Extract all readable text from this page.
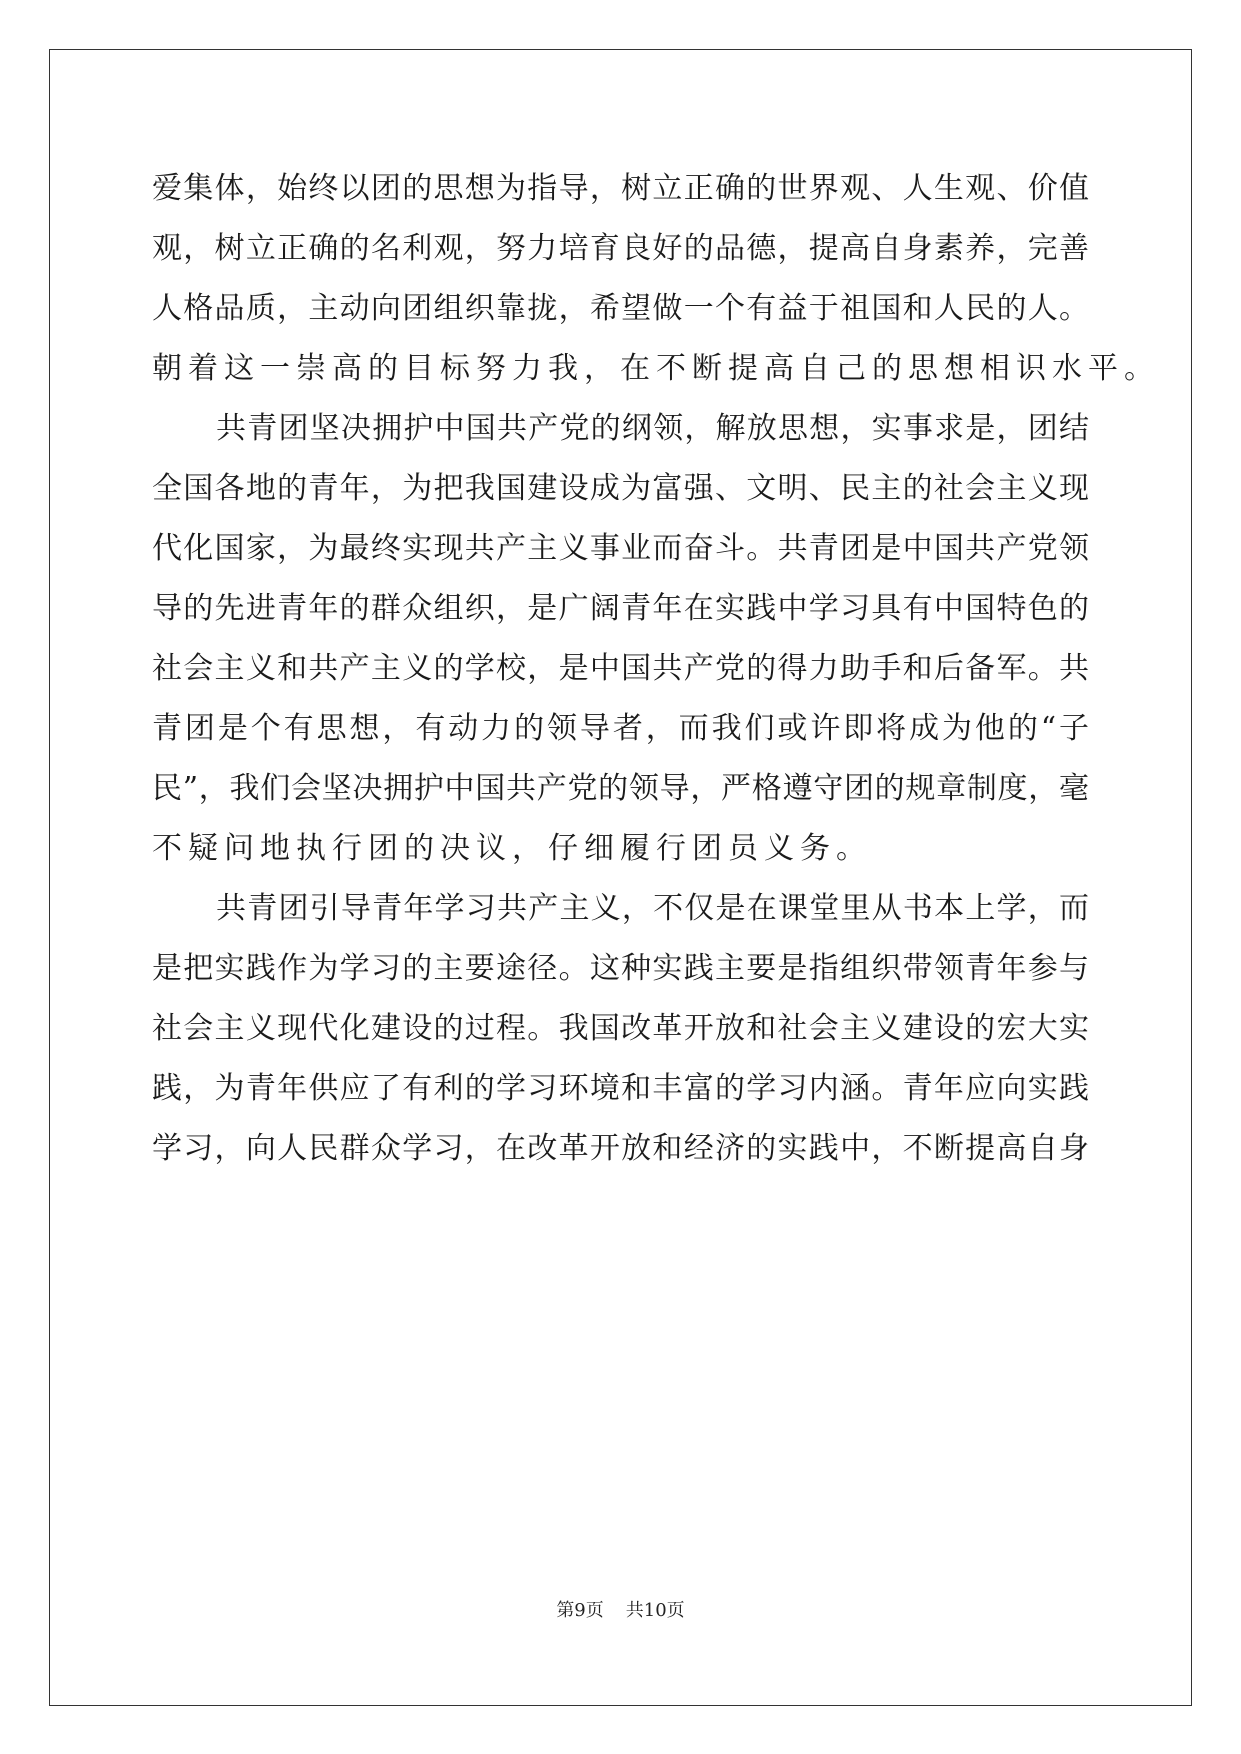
爱集体，始终以团的思想为指导，树立正确的世界观、人生观、价值
观，树立正确的名利观，努力培育良好的品德，提高自身素养，完善
人格品质，主动向团组织靠拢，希望做一个有益于祖国和人民的人。
朝着这一崇高的目标努力我，在不断提高自己的思想相识水平。
共青团坚决拥护中国共产党的纲领，解放思想，实事求是，团结
全国各地的青年，为把我国建设成为富强、文明、民主的社会主义现
代化国家，为最终实现共产主义事业而奋斗。共青团是中国共产党领
导的先进青年的群众组织，是广阔青年在实践中学习具有中国特色的
社会主义和共产主义的学校，是中国共产党的得力助手和后备军。共
青团是个有思想，有动力的领导者，而我们或许即将成为他的“子
民”，我们会坚决拥护中国共产党的领导，严格遵守团的规章制度，毫
不疑问地执行团的决议，仔细履行团员义务。
共青团引导青年学习共产主义，不仅是在课堂里从书本上学，而
是把实践作为学习的主要途径。这种实践主要是指组织带领青年参与
社会主义现代化建设的过程。我国改革开放和社会主义建设的宏大实
践，为青年供应了有利的学习环境和丰富的学习内涵。青年应向实践
学习，向人民群众学习，在改革开放和经济的实践中，不断提高自身
第9页 共10页
